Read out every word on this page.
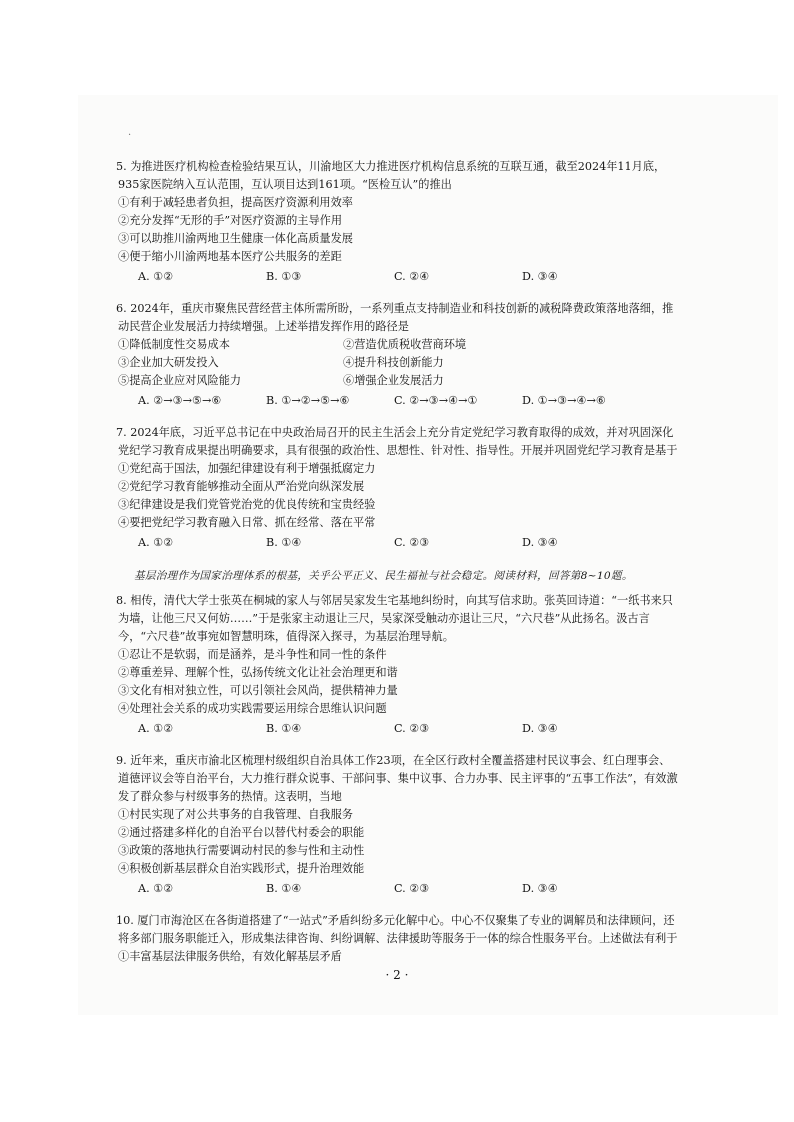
·
5. 为推进医疗机构检查检验结果互认，川渝地区大力推进医疗机构信息系统的互联互通，截至2024年11月底，935家医院纳入互认范围，互认项目达到161项。“医检互认”的推出
①有利于减轻患者负担，提高医疗资源利用效率
②充分发挥“无形的手”对医疗资源的主导作用
③可以助推川渝两地卫生健康一体化高质量发展
④便于缩小川渝两地基本医疗公共服务的差距
A. ①②	B. ①③	C. ②④	D. ③④
6. 2024年，重庆市聚焦民营经营主体所需所盼，一系列重点支持制造业和科技创新的减税降费政策落地落细，推动民营企业发展活力持续增强。上述举措发挥作用的路径是
①降低制度性交易成本	②营造优质税收营商环境
③企业加大研发投入	④提升科技创新能力
⑤提高企业应对风险能力	⑥增强企业发展活力
A. ②→③→⑤→⑥	B. ①→②→⑤→⑥	C. ②→③→④→①	D. ①→③→④→⑥
7. 2024年底，习近平总书记在中央政治局召开的民主生活会上充分肯定党纪学习教育取得的成效，并对巩固深化党纪学习教育成果提出明确要求，具有很强的政治性、思想性、针对性、指导性。开展并巩固党纪学习教育是基于
①党纪高于国法，加强纪律建设有利于增强抵腐定力
②党纪学习教育能够推动全面从严治党向纵深发展
③纪律建设是我们党管党治党的优良传统和宝贵经验
④要把党纪学习教育融入日常、抓在经常、落在平常
A. ①②	B. ①④	C. ②③	D. ③④
基层治理作为国家治理体系的根基，关乎公平正义、民生福祉与社会稳定。阅读材料，回答第8~10题。
8. 相传，清代大学士张英在桐城的家人与邻居吴家发生宅基地纠纷时，向其写信求助。张英回诗道：“一纸书来只为墙，让他三尺又何妨……”于是张家主动退让三尺，吴家深受触动亦退让三尺，“六尺巷”从此扬名。汲古言今，“六尺巷”故事宛如智慧明珠，值得深入探寻，为基层治理导航。
①忍让不是软弱，而是涵养，是斗争性和同一性的条件
②尊重差异、理解个性，弘扬传统文化让社会治理更和谐
③文化有相对独立性，可以引领社会风尚，提供精神力量
④处理社会关系的成功实践需要运用综合思维认识问题
A. ①②	B. ①④	C. ②③	D. ③④
9. 近年来，重庆市渝北区梳理村级组织自治具体工作23项，在全区行政村全覆盖搭建村民议事会、红白理事会、道德评议会等自治平台，大力推行群众说事、干部问事、集中议事、合力办事、民主评事的“五事工作法”，有效激发了群众参与村级事务的热情。这表明，当地
①村民实现了对公共事务的自我管理、自我服务
②通过搭建多样化的自治平台以替代村委会的职能
③政策的落地执行需要调动村民的参与性和主动性
④积极创新基层群众自治实践形式，提升治理效能
A. ①②	B. ①④	C. ②③	D. ③④
10. 厦门市海沧区在各街道搭建了“一站式”矛盾纠纷多元化解中心。中心不仅聚集了专业的调解员和法律顾问，还将多部门服务职能迁入，形成集法律咨询、纠纷调解、法律援助等服务于一体的综合性服务平台。上述做法有利于
①丰富基层法律服务供给，有效化解基层矛盾
· 2 ·
